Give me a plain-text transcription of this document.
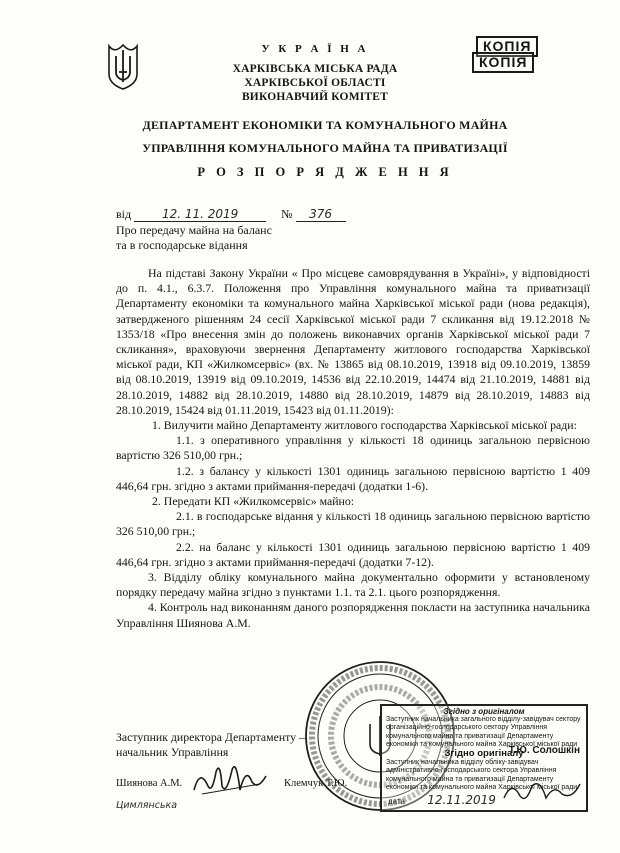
У К Р А Ї Н А
ХАРКІВСЬКА МІСЬКА РАДА
ХАРКІВСЬКОЇ ОБЛАСТІ
ВИКОНАВЧИЙ КОМІТЕТ
КОПІЯ
КОПІЯ
ДЕПАРТАМЕНТ ЕКОНОМІКИ ТА КОМУНАЛЬНОГО МАЙНА
УПРАВЛІННЯ КОМУНАЛЬНОГО МАЙНА ТА ПРИВАТИЗАЦІЇ
Р О З П О Р Я Д Ж Е Н Н Я
від	12. 11. 2019	№ 376
Про передачу майна на баланс
та в господарське відання

На підставі Закону України « Про місцеве самоврядування в Україні», у відповідності до п. 4.1., 6.3.7. Положення про Управління комунального майна та приватизації Департаменту економіки та комунального майна Харківської міської ради (нова редакція), затвердженого рішенням 24 сесії Харківської міської ради 7 скликання від 19.12.2018 № 1353/18 «Про внесення змін до положень виконавчих органів Харківської міської ради 7 скликання», враховуючи звернення Департаменту житлового господарства Харківської міської ради, КП «Жилкомсервіс» (вх. № 13865 від 08.10.2019, 13918 від 09.10.2019, 13859 від 08.10.2019, 13919 від 09.10.2019, 14536 від 22.10.2019, 14474 від 21.10.2019, 14881 від 28.10.2019, 14882 від 28.10.2019, 14880 від 28.10.2019, 14879 від 28.10.2019, 14883 від 28.10.2019, 15424 від 01.11.2019, 15423 від 01.11.2019):

1. Вилучити майно Департаменту житлового господарства Харківської міської ради:

1.1. з оперативного управління у кількості 18 одиниць загальною первісною вартістю 326 510,00 грн.;

1.2. з балансу у кількості 1301 одиниць загальною первісною вартістю 1 409 446,64 грн. згідно з актами приймання-передачі (додатки 1-6).

2. Передати КП «Жилкомсервіс» майно:

2.1. в господарське відання у кількості 18 одиниць загальною первісною вартістю 326 510,00 грн.;

2.2. на баланс у кількості 1301 одиниць загальною первісною вартістю 1 409 446,64 грн. згідно з актами приймання-передачі (додатки 7-12).

3. Відділу обліку комунального майна документально оформити у встановленому порядку передачу майна згідно з пунктами 1.1. та 2.1. цього розпорядження.

4. Контроль над виконанням даного розпорядження покласти на заступника начальника Управління Шиянова А.М.

Заступник директора Департаменту –
начальник Управління
Шиянова А.М.	Клемчук Т.Ю.
Цимлянська
Згідно з оригіналом
Заступник начальника загального відділу-завідувач сектору організаційно-господарського сектору Управління комунального майна та приватизації Департаменту економіки та комунального майна Харківської міської ради
Згідно оригіналу
Т.Ю. Солошкін
Заступник начальника відділу обліку-завідувач адміністративно-господарського сектора Управління комунального майна та приватизації Департаменту економіки та комунального майна Харківської міської ради
дата 12.11.2019
